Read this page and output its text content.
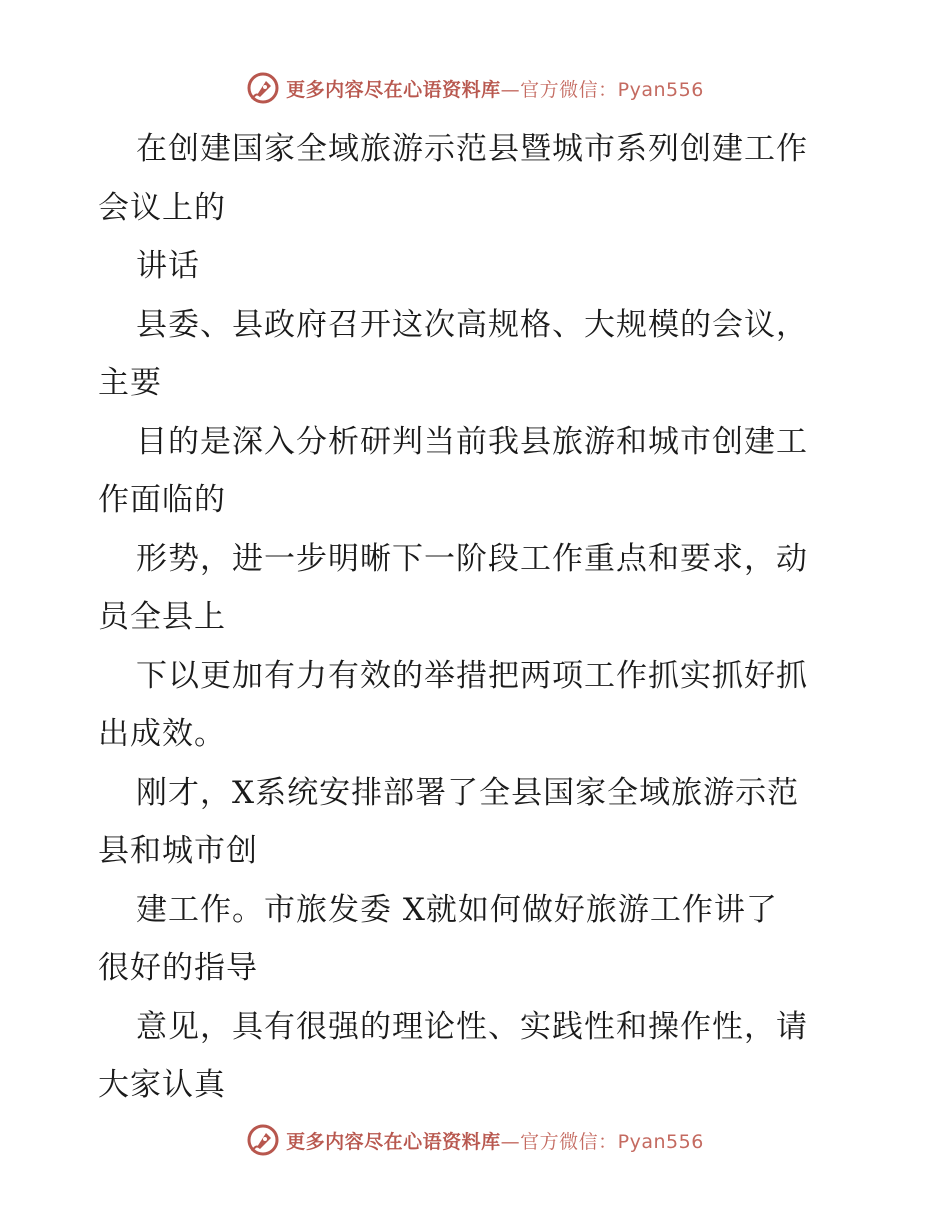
更多内容尽在心语资料库—官方微信：Pyan556
在创建国家全域旅游示范县暨城市系列创建工作
会议上的
讲话
县委、县政府召开这次高规格、大规模的会议，
主要
目的是深入分析研判当前我县旅游和城市创建工
作面临的
形势，进一步明晰下一阶段工作重点和要求，动
员全县上
下以更加有力有效的举措把两项工作抓实抓好抓
出成效。
刚才，X系统安排部署了全县国家全域旅游示范
县和城市创
建工作。市旅发委 X就如何做好旅游工作讲了
很好的指导
意见，具有很强的理论性、实践性和操作性，请
大家认真
更多内容尽在心语资料库—官方微信：Pyan556
